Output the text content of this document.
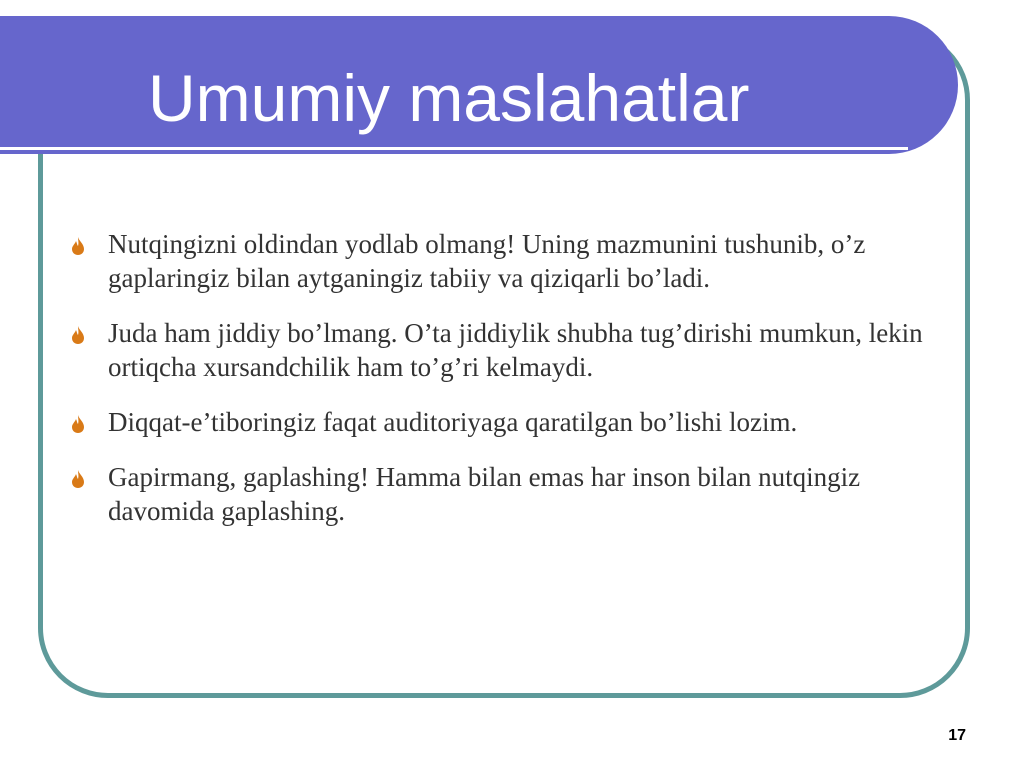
Umumiy maslahatlar
Nutqingizni oldindan yodlab olmang! Uning mazmunini tushunib, o’z gaplaringiz bilan aytganingiz tabiiy va qiziqarli bo’ladi.
Juda ham jiddiy bo’lmang. O’ta jiddiylik shubha tug’dirishi mumkun, lekin ortiqcha xursandchilik ham to’g’ri kelmaydi.
Diqqat-e’tiboringiz faqat auditoriyaga qaratilgan bo’lishi lozim.
Gapirmang, gaplashing! Hamma bilan emas har inson bilan nutqingiz davomida gaplashing.
17
